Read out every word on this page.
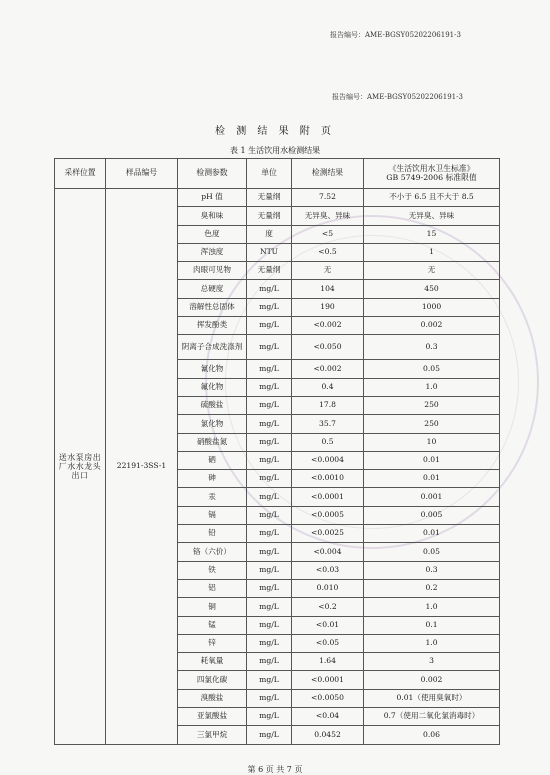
报告编号：AME-BGSY05202206191-3
报告编号：AME-BGSY05202206191-3
检 测 结 果 附 页
表 1 生活饮用水检测结果
采样位置	样品编号	检测参数	单位	检测结果	《生活饮用水卫生标准》
GB 5749-2006 标准限值

送水泵房出厂水水龙头出口	22191-3SS-1	pH 值	无量纲	7.52	不小于 6.5 且不大于 8.5
		臭和味	无量纲	无异臭、异味	无异臭、异味
		色度	度	<5	15
		浑浊度	NTU	<0.5	1
		肉眼可见物	无量纲	无	无
		总硬度	mg/L	104	450
		溶解性总固体	mg/L	190	1000
		挥发酚类	mg/L	<0.002	0.002
		阴离子合成洗涤剂	mg/L	<0.050	0.3
		氰化物	mg/L	<0.002	0.05
		氟化物	mg/L	0.4	1.0
		硫酸盐	mg/L	17.8	250
		氯化物	mg/L	35.7	250
		硝酸盐氮	mg/L	0.5	10
		硒	mg/L	<0.0004	0.01
		砷	mg/L	<0.0010	0.01
		汞	mg/L	<0.0001	0.001
		镉	mg/L	<0.0005	0.005
		铅	mg/L	<0.0025	0.01
		铬（六价）	mg/L	<0.004	0.05
		铁	mg/L	<0.03	0.3
		铝	mg/L	0.010	0.2
		铜	mg/L	<0.2	1.0
		锰	mg/L	<0.01	0.1
		锌	mg/L	<0.05	1.0
		耗氧量	mg/L	1.64	3
		四氯化碳	mg/L	<0.0001	0.002
		溴酸盐	mg/L	<0.0050	0.01（使用臭氧时）
		亚氯酸盐	mg/L	<0.04	0.7（使用二氧化氯消毒时）
		三氯甲烷	mg/L	0.0452	0.06
第 6 页 共 7 页
